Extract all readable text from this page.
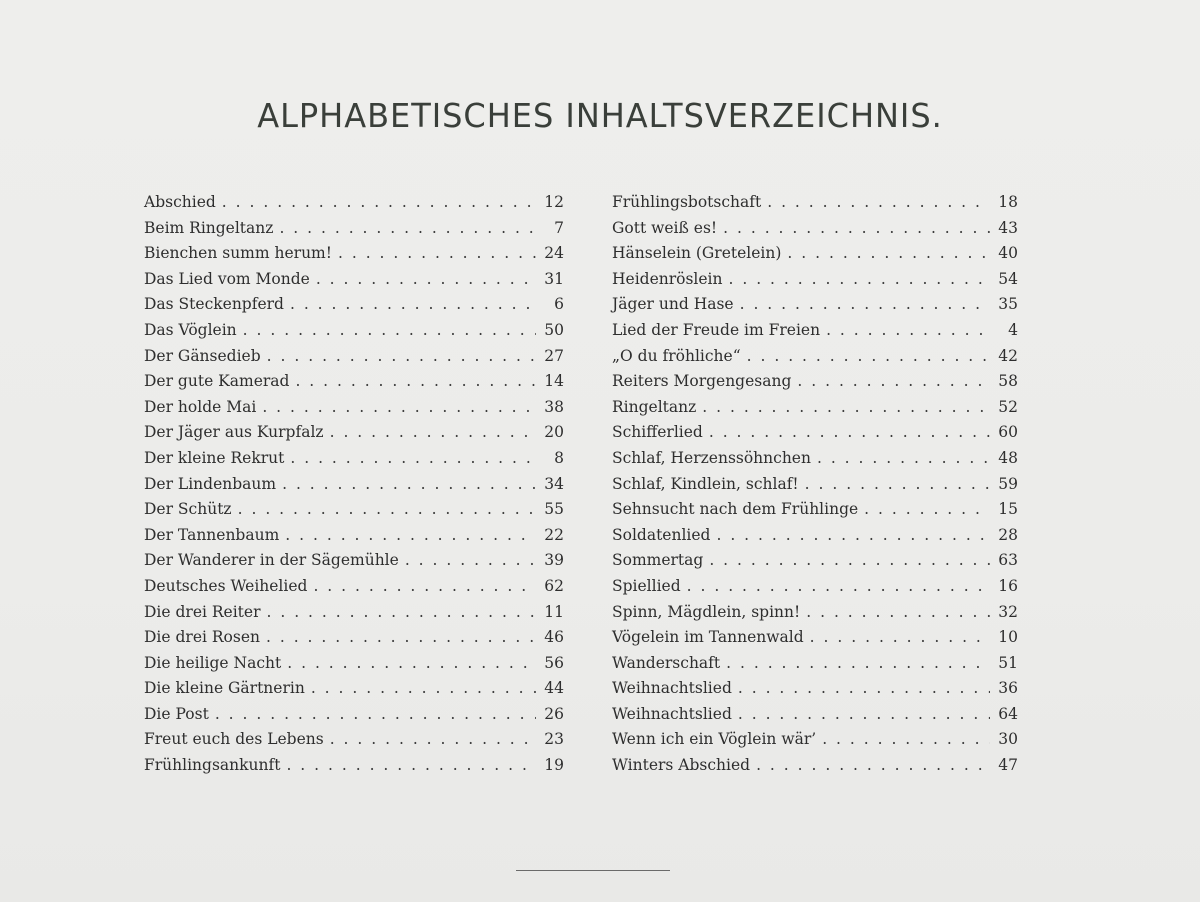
ALPHABETISCHES INHALTSVERZEICHNIS.
Abschied . . .	12
Beim Ringeltanz . . .	7
Bienchen summ herum! . . .	24
Das Lied vom Monde . . .	31
Das Steckenpferd . . .	6
Das Vöglein . . .	50
Der Gänsedieb . . .	27
Der gute Kamerad . . .	14
Der holde Mai . . .	38
Der Jäger aus Kurpfalz . . .	20
Der kleine Rekrut . . .	8
Der Lindenbaum . . .	34
Der Schütz . . .	55
Der Tannenbaum . . .	22
Der Wanderer in der Sägemühle . . .	39
Deutsches Weihelied . . .	62
Die drei Reiter . . .	11
Die drei Rosen . . .	46
Die heilige Nacht . . .	56
Die kleine Gärtnerin . . .	44
Die Post . . .	26
Freut euch des Lebens . . .	23
Frühlingsankunft . . .	19
Frühlingsbotschaft . . .	18
Gott weiß es! . . .	43
Hänselein (Gretelein) . . .	40
Heidenröslein . . .	54
Jäger und Hase . . .	35
Lied der Freude im Freien . . .	4
„O du fröhliche“ . . .	42
Reiters Morgengesang . . .	58
Ringeltanz . . .	52
Schifferlied . . .	60
Schlaf, Herzenssöhnchen . . .	48
Schlaf, Kindlein, schlaf! . . .	59
Sehnsucht nach dem Frühlinge . . .	15
Soldatenlied . . .	28
Sommertag . . .	63
Spiellied . . .	16
Spinn, Mägdlein, spinn! . . .	32
Vögelein im Tannenwald . . .	10
Wanderschaft . . .	51
Weihnachtslied . . .	36
Weihnachtslied . . .	64
Wenn ich ein Vöglein wär’ . . .	30
Winters Abschied . . .	47
